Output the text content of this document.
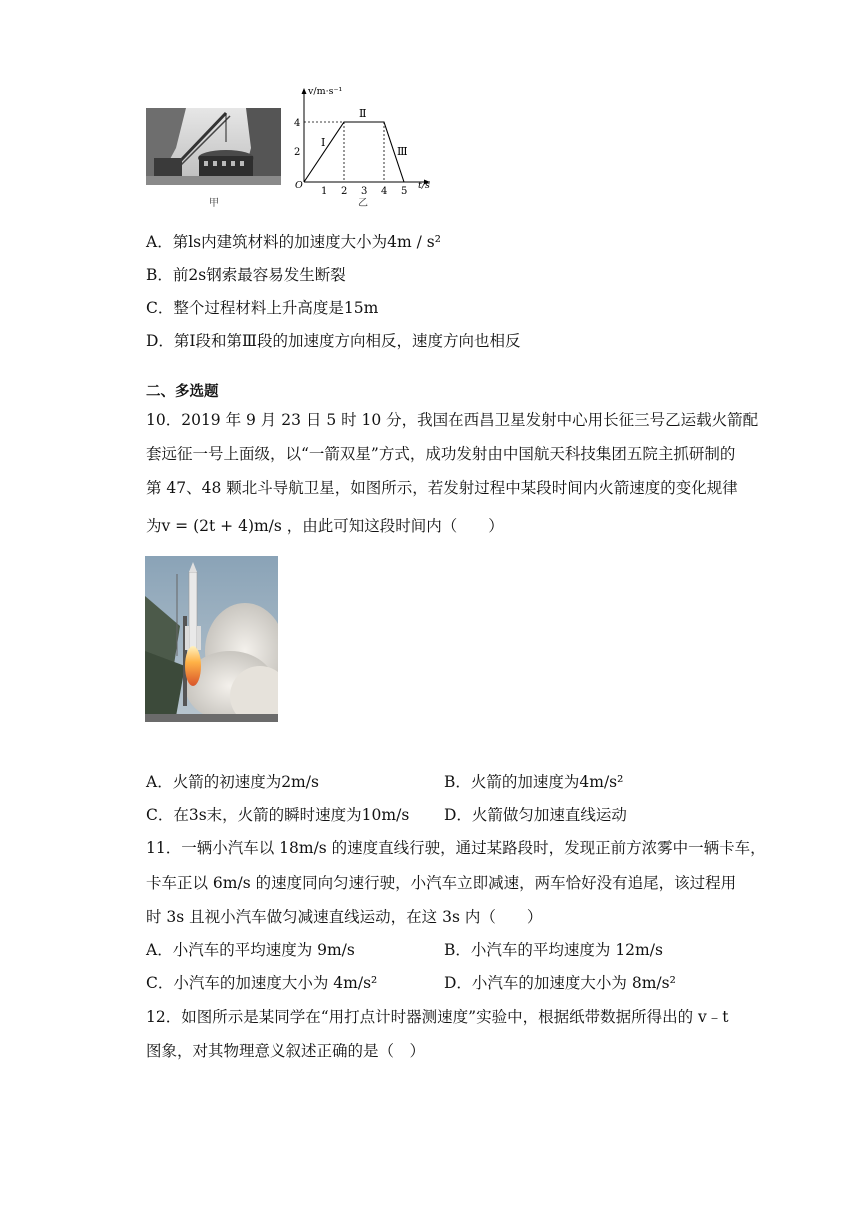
甲
v/m·s⁻¹
t/s
O
2
4
1 2 3 4 5
Ⅰ
Ⅱ
Ⅲ
乙
A．第ls内建筑材料的加速度大小为4m / s²
B．前2s钢索最容易发生断裂
C．整个过程材料上升高度是15m
D．第Ⅰ段和第Ⅲ段的加速度方向相反，速度方向也相反
二、多选题
10．2019 年 9 月 23 日 5 时 10 分，我国在西昌卫星发射中心用长征三号乙运载火箭配
套远征一号上面级，以“一箭双星”方式，成功发射由中国航天科技集团五院主抓研制的
第 47、48 颗北斗导航卫星，如图所示，若发射过程中某段时间内火箭速度的变化规律
为v = (2t + 4)m/s ，由此可知这段时间内（　　）
A．火箭的初速度为2m/s	B．火箭的加速度为4m/s²
C．在3s末，火箭的瞬时速度为10m/s D．火箭做匀加速直线运动
11．一辆小汽车以 18m/s 的速度直线行驶，通过某路段时，发现正前方浓雾中一辆卡车，
卡车正以 6m/s 的速度同向匀速行驶，小汽车立即减速，两车恰好没有追尾，该过程用
时 3s 且视小汽车做匀减速直线运动，在这 3s 内（　　）
A．小汽车的平均速度为 9m/s	B．小汽车的平均速度为 12m/s
C．小汽车的加速度大小为 4m/s²	D．小汽车的加速度大小为 8m/s²
12．如图所示是某同学在“用打点计时器测速度”实验中，根据纸带数据所得出的 v﹣t
图象，对其物理意义叙述正确的是（　）
